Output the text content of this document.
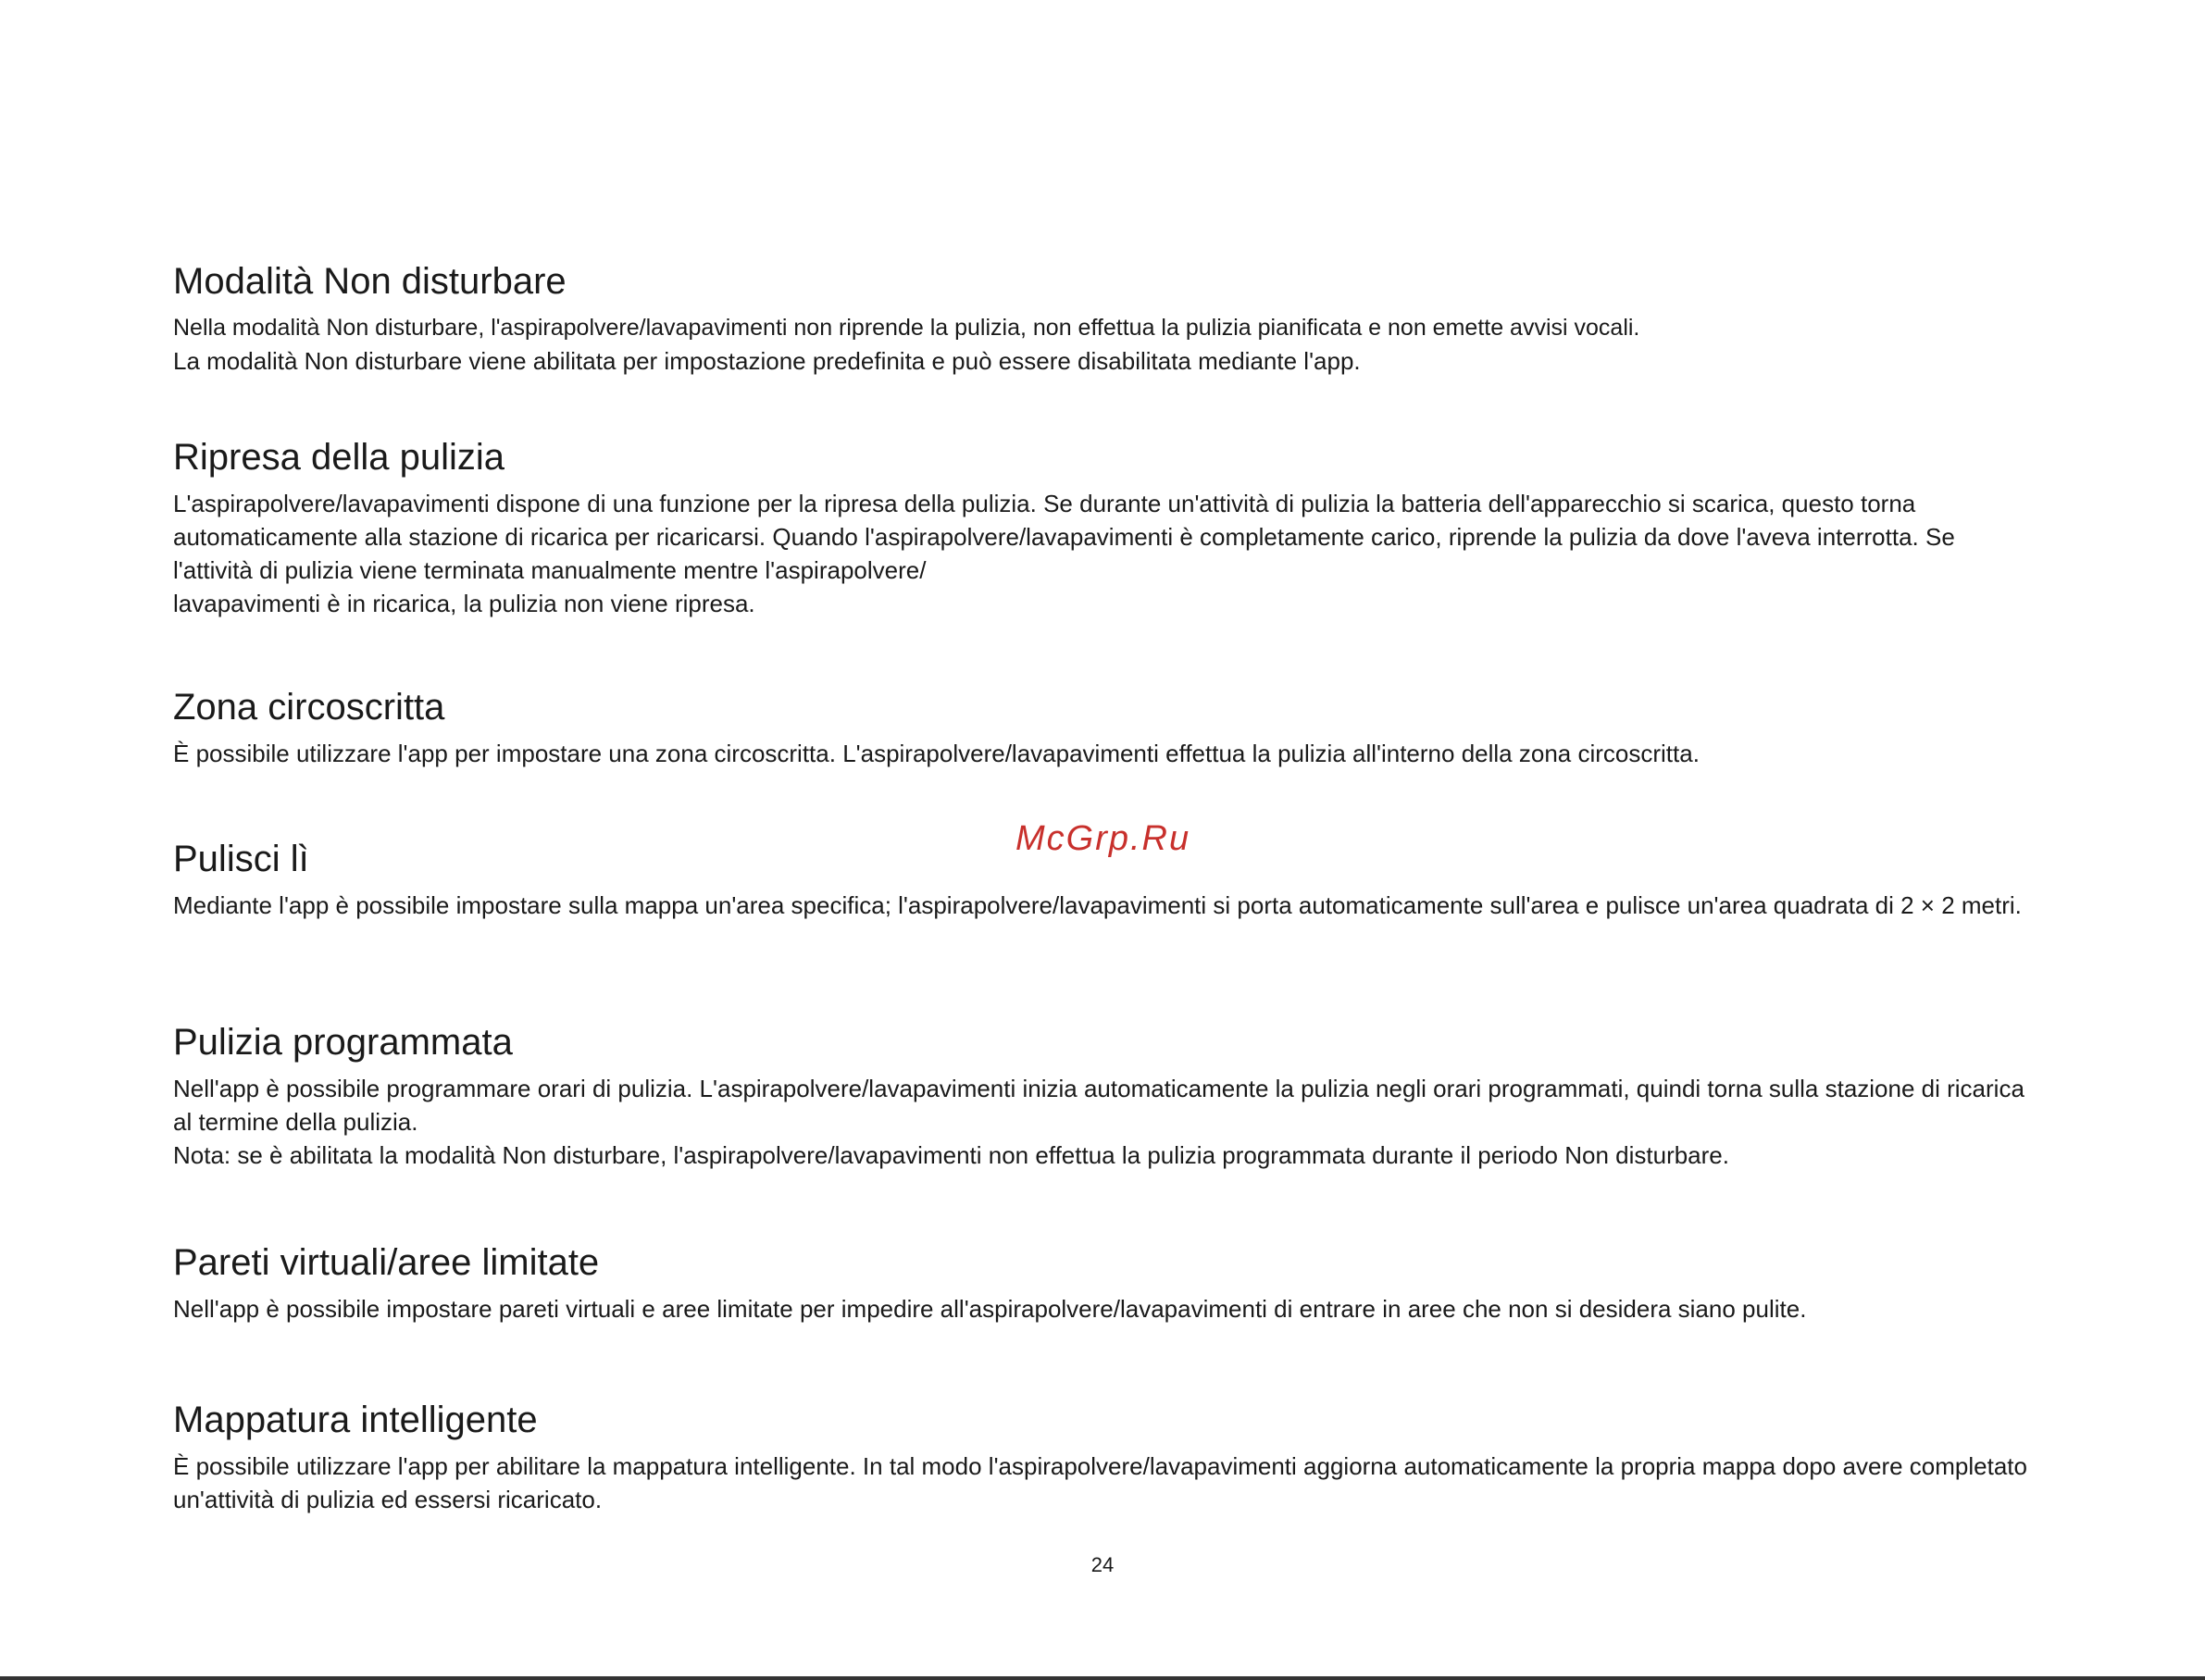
Modalità Non disturbare

Nella modalità Non disturbare, l'aspirapolvere/lavapavimenti non riprende la pulizia, non effettua la pulizia pianificata e non emette avvisi vocali.

La modalità Non disturbare viene abilitata per impostazione predefinita e può essere disabilitata mediante l'app.

Ripresa della pulizia

L'aspirapolvere/lavapavimenti dispone di una funzione per la ripresa della pulizia. Se durante un'attività di pulizia la batteria dell'apparecchio si scarica, questo torna automaticamente alla stazione di ricarica per ricaricarsi. Quando l'aspirapolvere/lavapavimenti è completamente carico, riprende la pulizia da dove l'aveva interrotta. Se l'attività di pulizia viene terminata manualmente mentre l'aspirapolvere/

lavapavimenti è in ricarica, la pulizia non viene ripresa.

Zona circoscritta

È possibile utilizzare l'app per impostare una zona circoscritta. L'aspirapolvere/lavapavimenti effettua la pulizia all'interno della zona circoscritta.

Pulisci lì

Mediante l'app è possibile impostare sulla mappa un'area specifica; l'aspirapolvere/lavapavimenti si porta automaticamente sull'area e pulisce un'area quadrata di 2 × 2 metri.

Pulizia programmata

Nell'app è possibile programmare orari di pulizia. L'aspirapolvere/lavapavimenti inizia automaticamente la pulizia negli orari programmati, quindi torna sulla stazione di ricarica al termine della pulizia.

Nota: se è abilitata la modalità Non disturbare, l'aspirapolvere/lavapavimenti non effettua la pulizia programmata durante il periodo Non disturbare.

Pareti virtuali/aree limitate

Nell'app è possibile impostare pareti virtuali e aree limitate per impedire all'aspirapolvere/lavapavimenti di entrare in aree che non si desidera siano pulite.

Mappatura intelligente

È possibile utilizzare l'app per abilitare la mappatura intelligente. In tal modo l'aspirapolvere/lavapavimenti aggiorna automaticamente la propria mappa dopo avere completato un'attività di pulizia ed essersi ricaricato.

McGrp.Ru
24
